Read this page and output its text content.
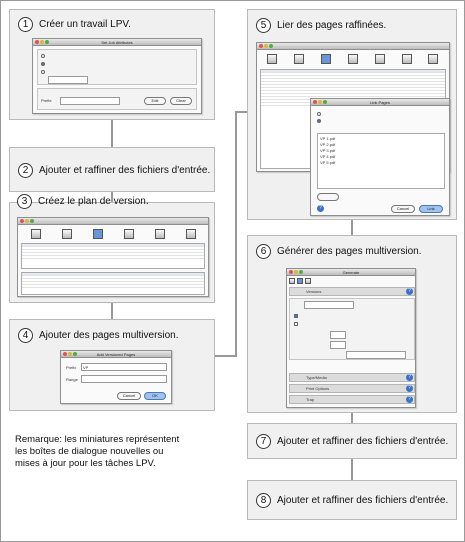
1	Créer un travail LPV.
Set Job Attributes
Prefix:	Edit	Clear
2	Ajouter et raffiner des fichiers d'entrée.
3	Créez le plan de version.
4	Ajouter des pages multiversion.
Add Versioned Pages
Prefix VP
Range
Cancel	OK
Remarque: les miniatures représentent les boîtes de dialogue nouvelles ou mises à jour pour les tâches LPV.
5	Lier des pages raffinées.
Link Pages
VP 1.pdf
VP 2.pdf
VP 3.pdf
VP 4.pdf
VP 5.pdf
?	Cancel	Link
6	Générer des pages multiversion.
Generate
Versions	?
Type/Media	?
Print Options	?
Trap	?
7	Ajouter et raffiner des fichiers d'entrée.
8	Ajouter et raffiner des fichiers d'entrée.
